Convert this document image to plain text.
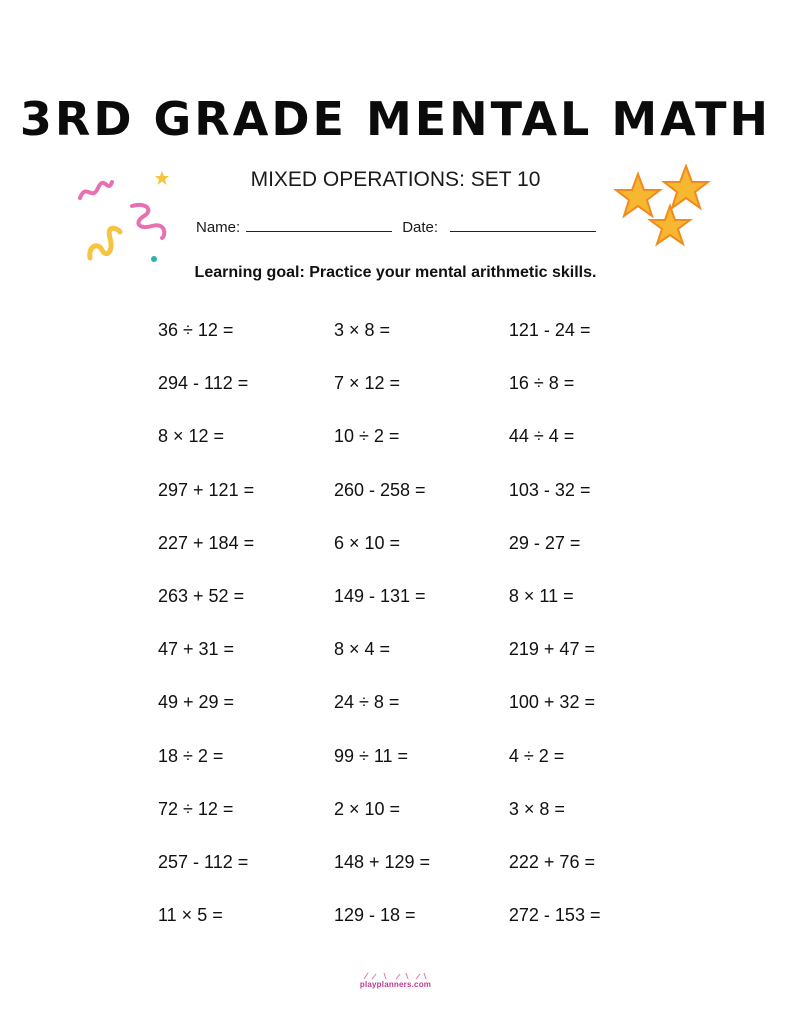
3RD GRADE MENTAL MATH
MIXED OPERATIONS: SET 10
Name:	Date:
Learning goal: Practice your mental arithmetic skills.
36 ÷ 12 =	3 × 8 =	121 - 24 =
294 - 112 =	7 × 12 =	16 ÷ 8 =
8 × 12 =	10 ÷ 2 =	44 ÷ 4 =
297 + 121 =	260 - 258 =	103 - 32 =
227 + 184 =	6 × 10 =	29 - 27 =
263 + 52 =	149 - 131 =	8 × 11 =
47 + 31 =	8 × 4 =	219 + 47 =
49 + 29 =	24 ÷ 8 =	100 + 32 =
18 ÷ 2 =	99 ÷ 11 =	4 ÷ 2 =
72 ÷ 12 =	2 × 10 =	3 × 8 =
257 - 112 =	148 + 129 =	222 + 76 =
11 × 5 =	129 - 18 =	272 - 153 =
playplanners.com
